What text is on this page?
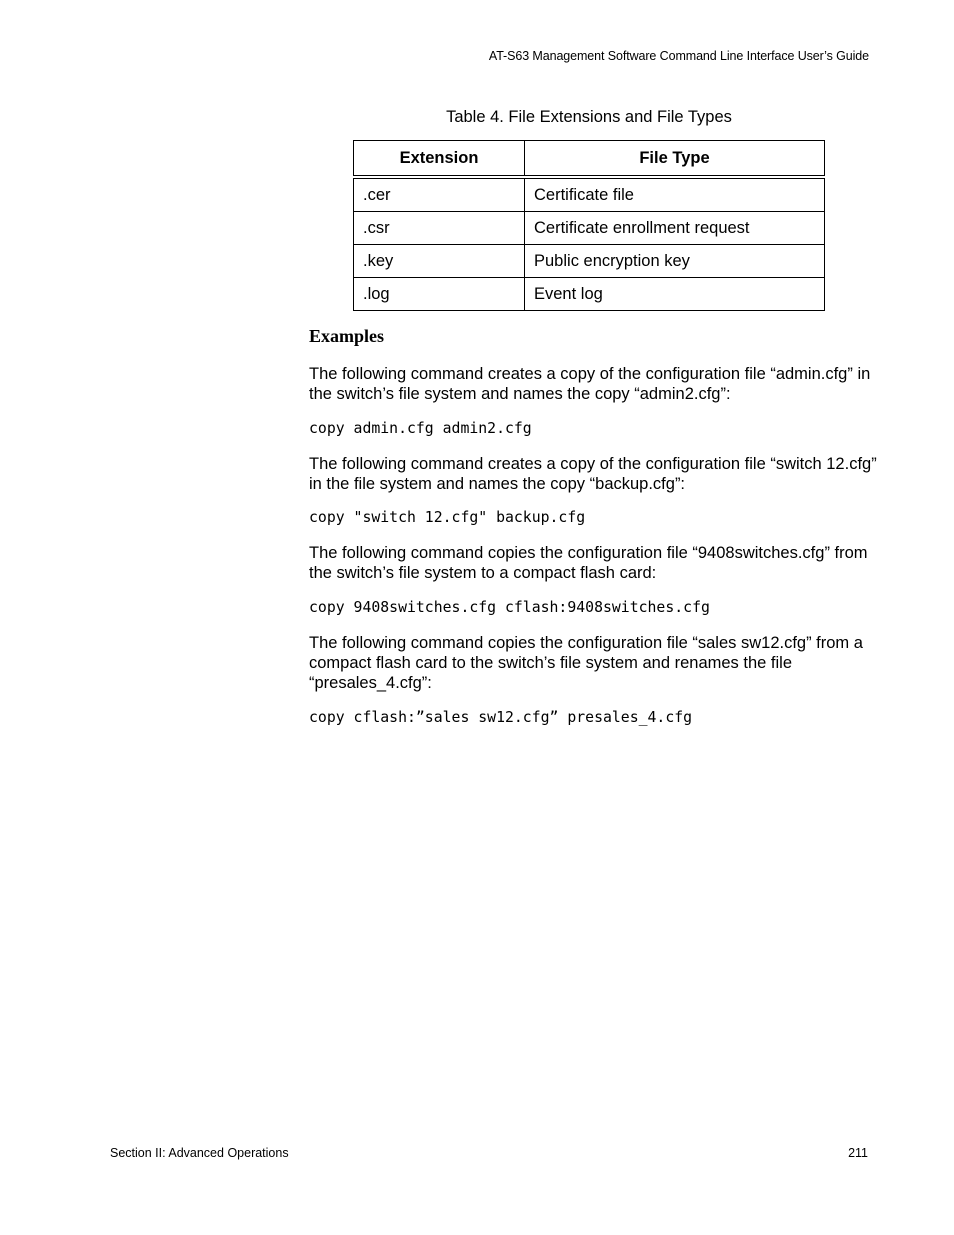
AT-S63 Management Software Command Line Interface User’s Guide
Table 4. File Extensions and File Types
Extension	File Type
.cer	Certificate file
.csr	Certificate enrollment request
.key	Public encryption key
.log	Event log
Examples

The following command creates a copy of the configuration file “admin.cfg” in the switch’s file system and names the copy “admin2.cfg”:

copy admin.cfg admin2.cfg

The following command creates a copy of the configuration file “switch 12.cfg” in the file system and names the copy “backup.cfg”:

copy "switch 12.cfg" backup.cfg

The following command copies the configuration file “9408switches.cfg” from the switch’s file system to a compact flash card:

copy 9408switches.cfg cflash:9408switches.cfg

The following command copies the configuration file “sales sw12.cfg” from a compact flash card to the switch’s file system and renames the file “presales_4.cfg”:

copy cflash:”sales sw12.cfg” presales_4.cfg
Section II: Advanced Operations	211
